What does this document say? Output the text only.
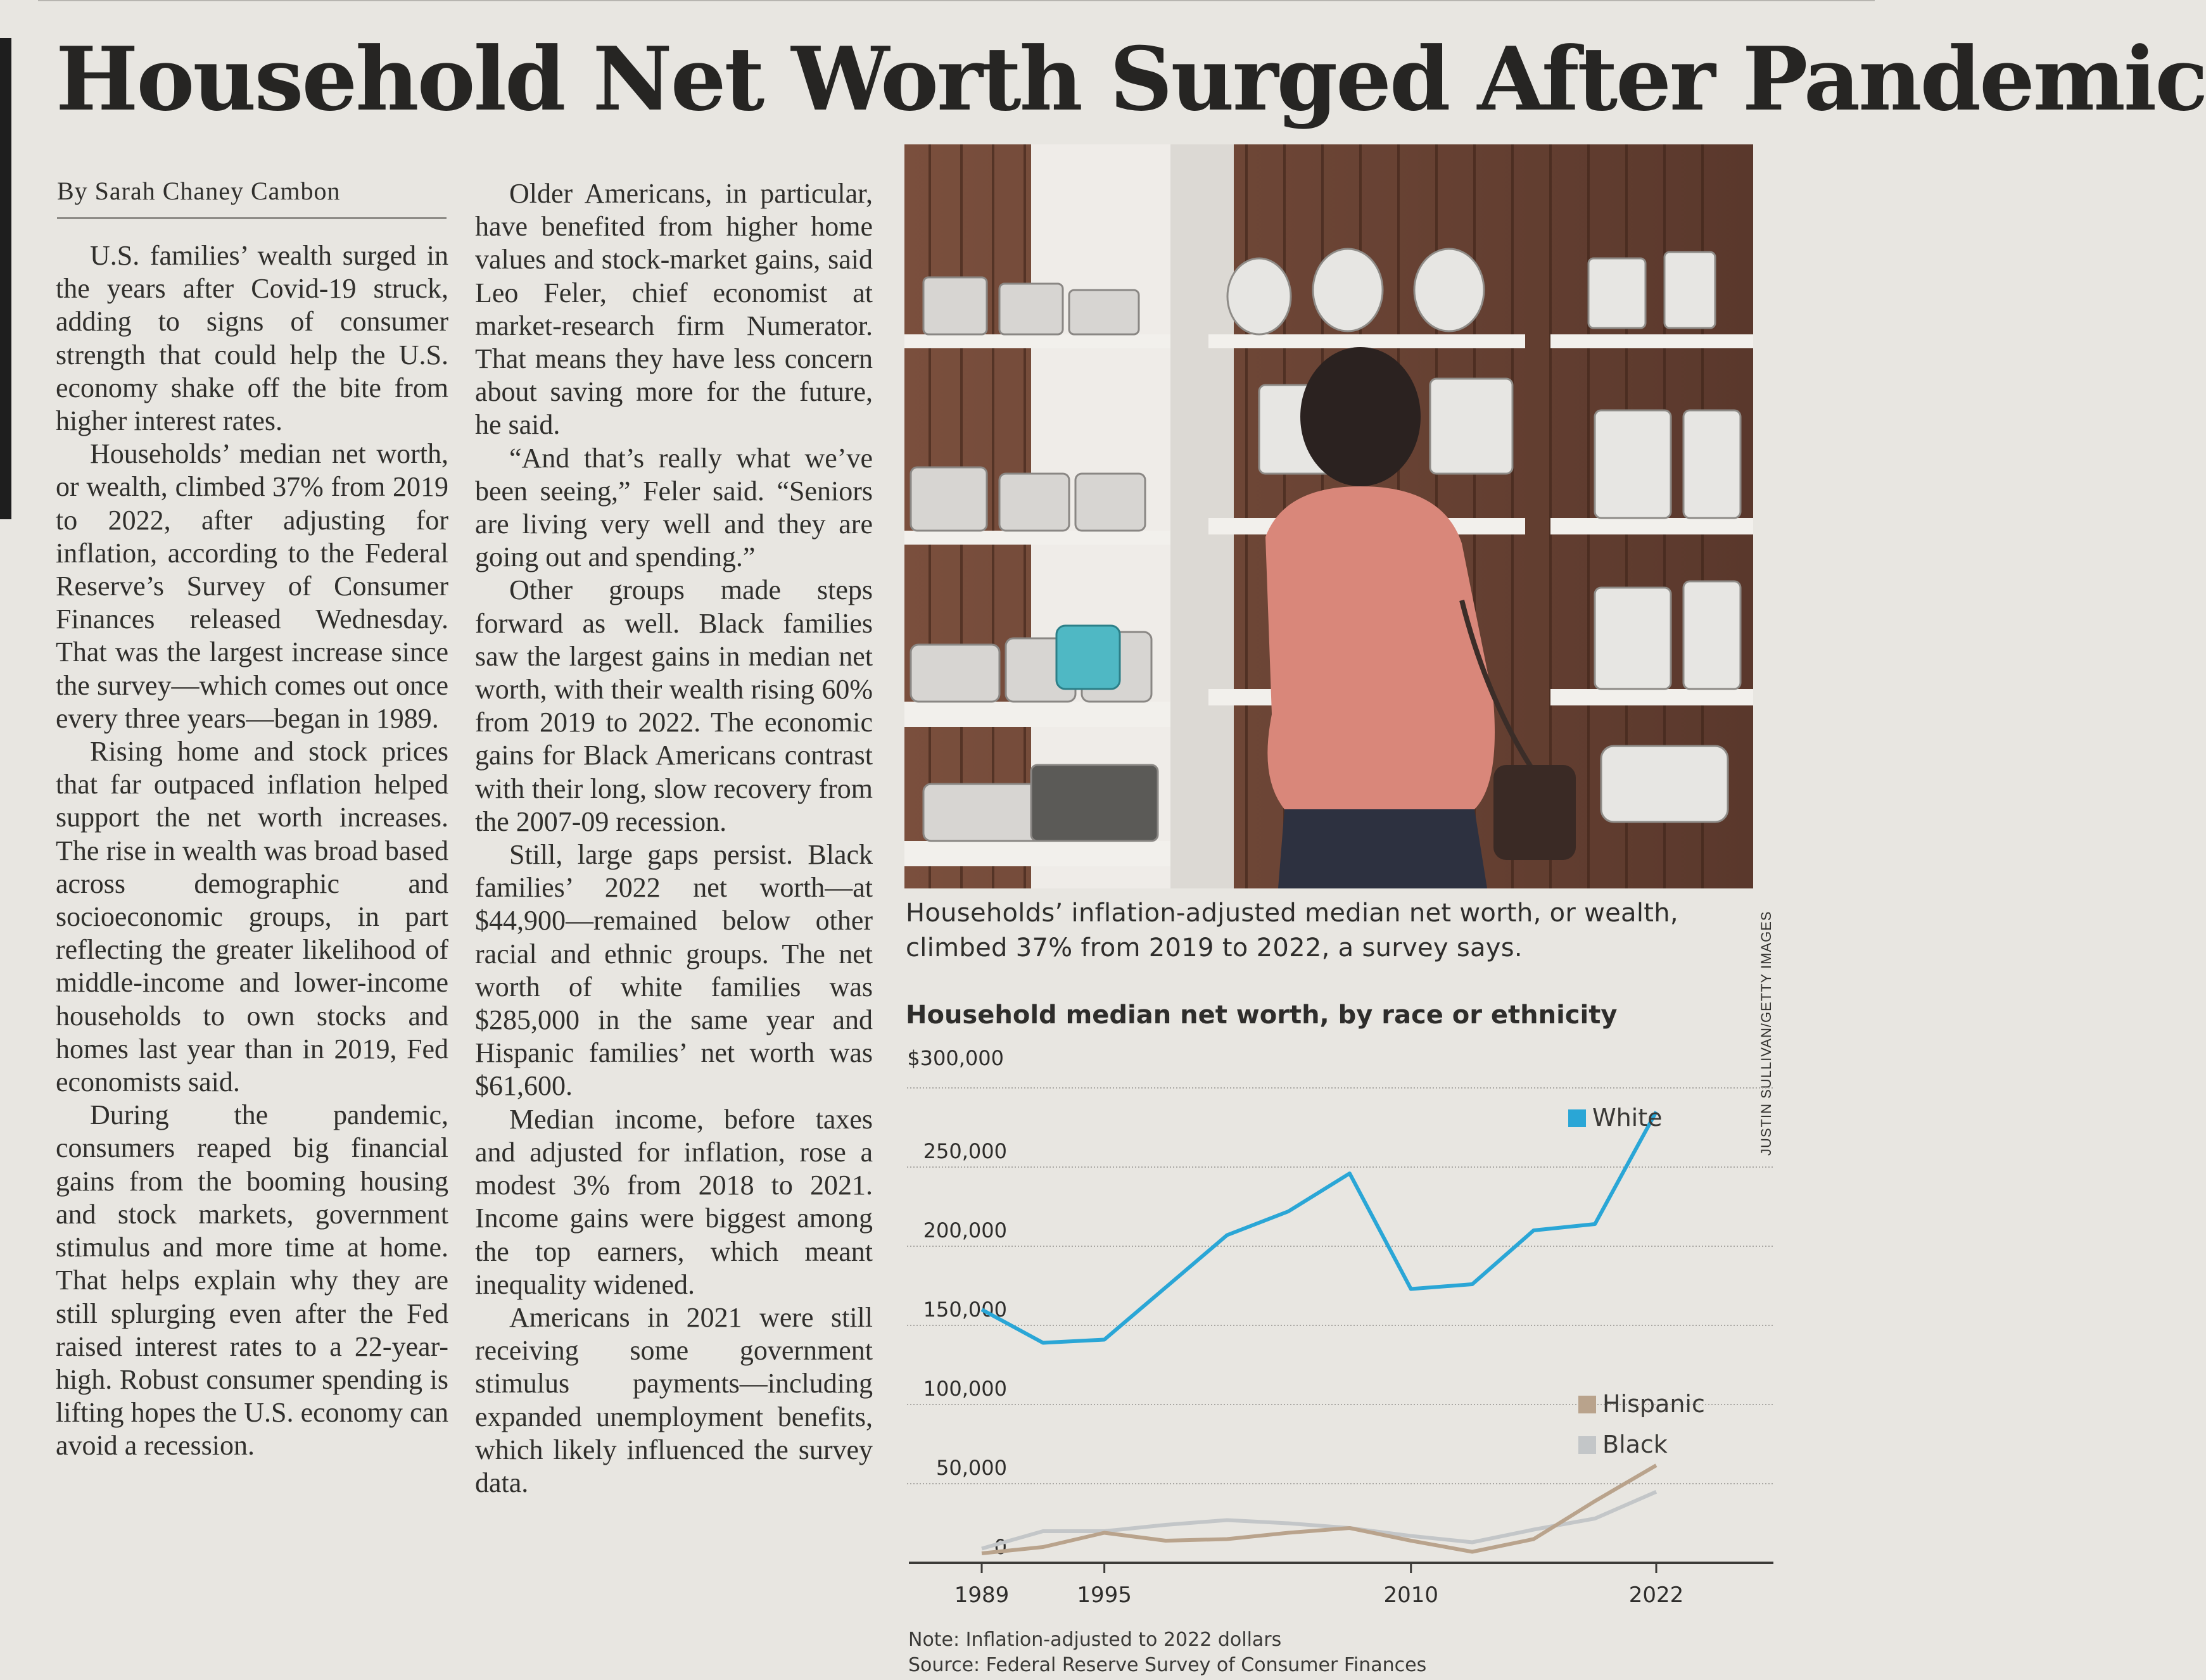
Household Net Worth Surged After Pandemic
By Sarah Chaney Cambon

U.S. families’ wealth surged in the years after Covid-19 struck, adding to signs of consumer strength that could help the U.S. economy shake off the bite from higher interest rates.

Households’ median net worth, or wealth, climbed 37% from 2019 to 2022, after adjusting for inflation, according to the Federal Reserve’s Survey of Consumer Finances released Wednesday. That was the largest increase since the survey—which comes out once every three years—began in 1989.

Rising home and stock prices that far outpaced inflation helped support the net worth increases. The rise in wealth was broad based across demographic and socioeconomic groups, in part reflecting the greater likelihood of middle-income and lower-income households to own stocks and homes last year than in 2019, Fed economists said.

During the pandemic, consumers reaped big financial gains from the booming housing and stock markets, government stimulus and more time at home. That helps explain why they are still splurging even after the Fed raised interest rates to a 22-year-high. Robust consumer spending is lifting hopes the U.S. economy can avoid a recession.

Older Americans, in particular, have benefited from higher home values and stock-market gains, said Leo Feler, chief economist at market-research firm Numerator. That means they have less concern about saving more for the future, he said.

“And that’s really what we’ve been seeing,” Feler said. “Seniors are living very well and they are going out and spending.”

Other groups made steps forward as well. Black families saw the largest gains in median net worth, with their wealth rising 60% from 2019 to 2022. The economic gains for Black Americans contrast with their long, slow recovery from the 2007-09 recession.

Still, large gaps persist. Black families’ 2022 net worth—at $44,900—remained below other racial and ethnic groups. The net worth of white families was $285,000 in the same year and Hispanic families’ net worth was $61,600.

Median income, before taxes and adjusted for inflation, rose a modest 3% from 2018 to 2021. Income gains were biggest among the top earners, which meant inequality widened.

Americans in 2021 were still receiving some government stimulus payments—including expanded unemployment benefits, which likely influenced the survey data.

JUSTIN SULLIVAN/GETTY IMAGES
Households’ inflation-adjusted median net worth, or wealth, climbed 37% from 2019 to 2022, a survey says.
Household median net worth, by race or ethnicity
$300,000
250,000
200,000
150,000
100,000
50,000
0
1989	1995	2010	2022
White
Hispanic
Black
Note: Inflation-adjusted to 2022 dollars
Source: Federal Reserve Survey of Consumer Finances
